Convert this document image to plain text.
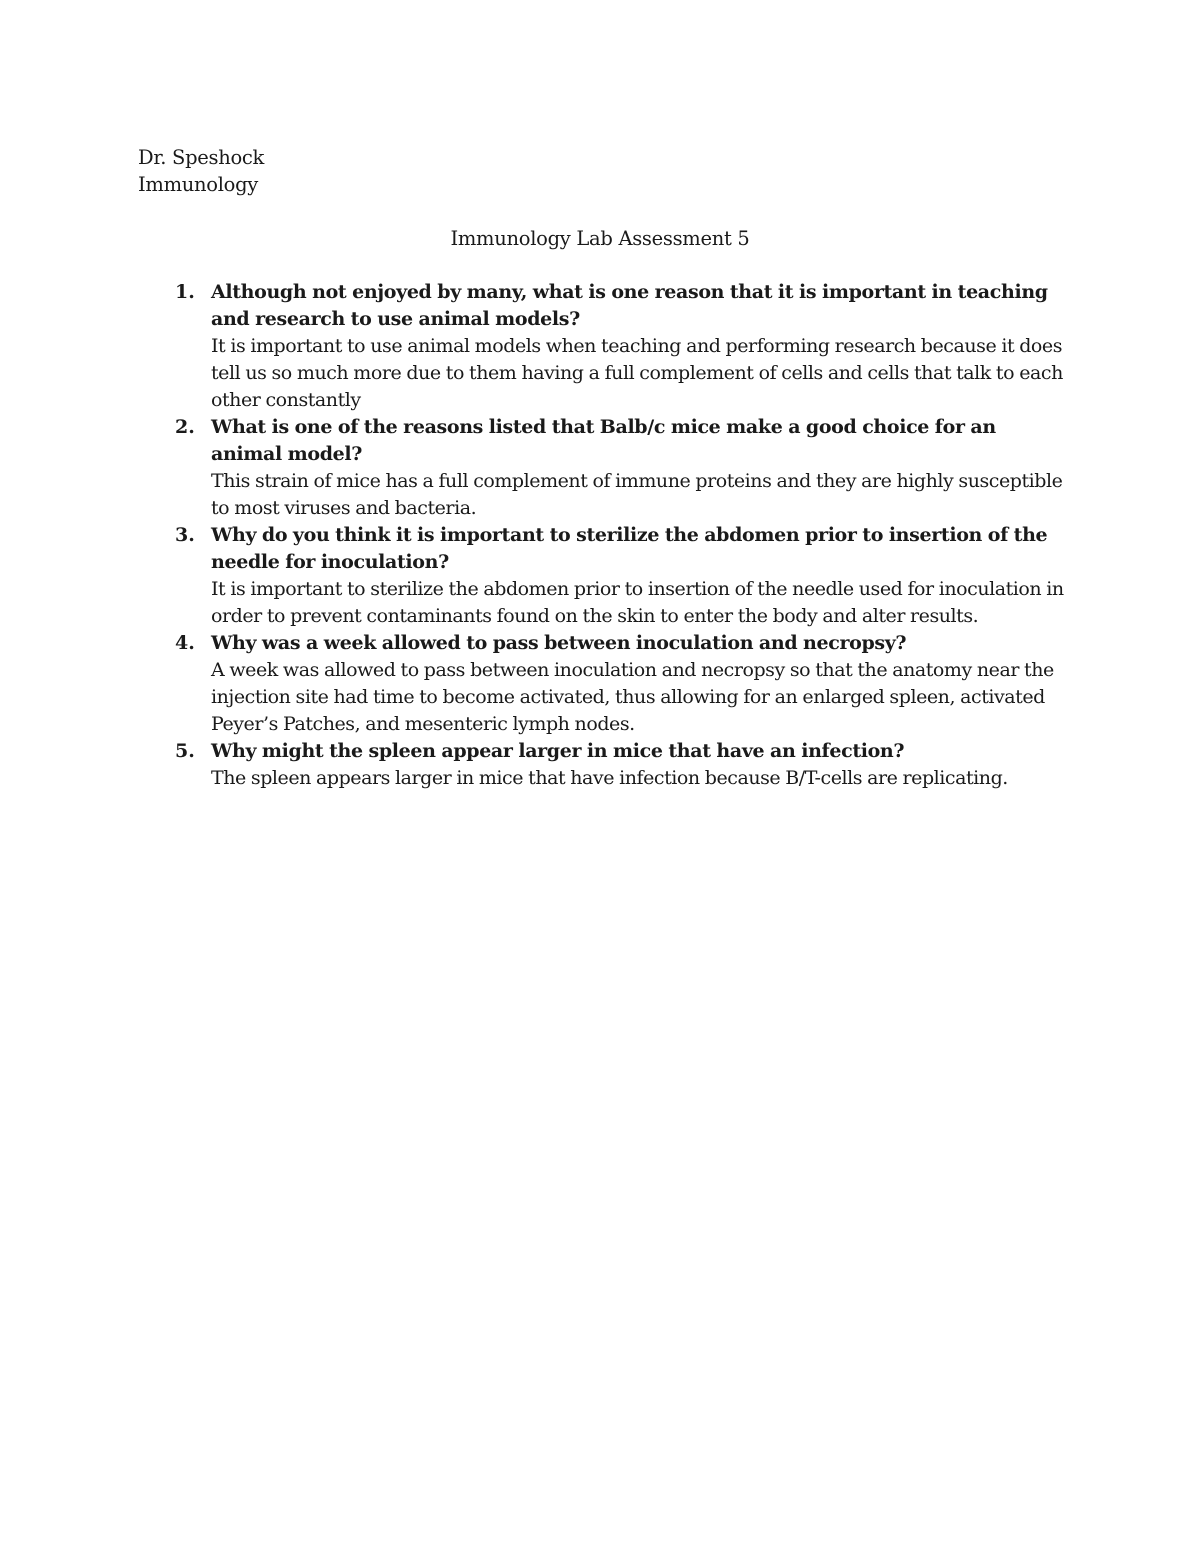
Dr. Speshock
Immunology
Immunology Lab Assessment 5
1. Although not enjoyed by many, what is one reason that it is important in teaching and research to use animal models?
It is important to use animal models when teaching and performing research because it does tell us so much more due to them having a full complement of cells and cells that talk to each other constantly
2. What is one of the reasons listed that Balb/c mice make a good choice for an animal model?
This strain of mice has a full complement of immune proteins and they are highly susceptible to most viruses and bacteria.
3. Why do you think it is important to sterilize the abdomen prior to insertion of the needle for inoculation?
It is important to sterilize the abdomen prior to insertion of the needle used for inoculation in order to prevent contaminants found on the skin to enter the body and alter results.
4. Why was a week allowed to pass between inoculation and necropsy?
A week was allowed to pass between inoculation and necropsy so that the anatomy near the injection site had time to become activated, thus allowing for an enlarged spleen, activated Peyer’s Patches, and mesenteric lymph nodes.
5. Why might the spleen appear larger in mice that have an infection?
The spleen appears larger in mice that have infection because B/T-cells are replicating.
